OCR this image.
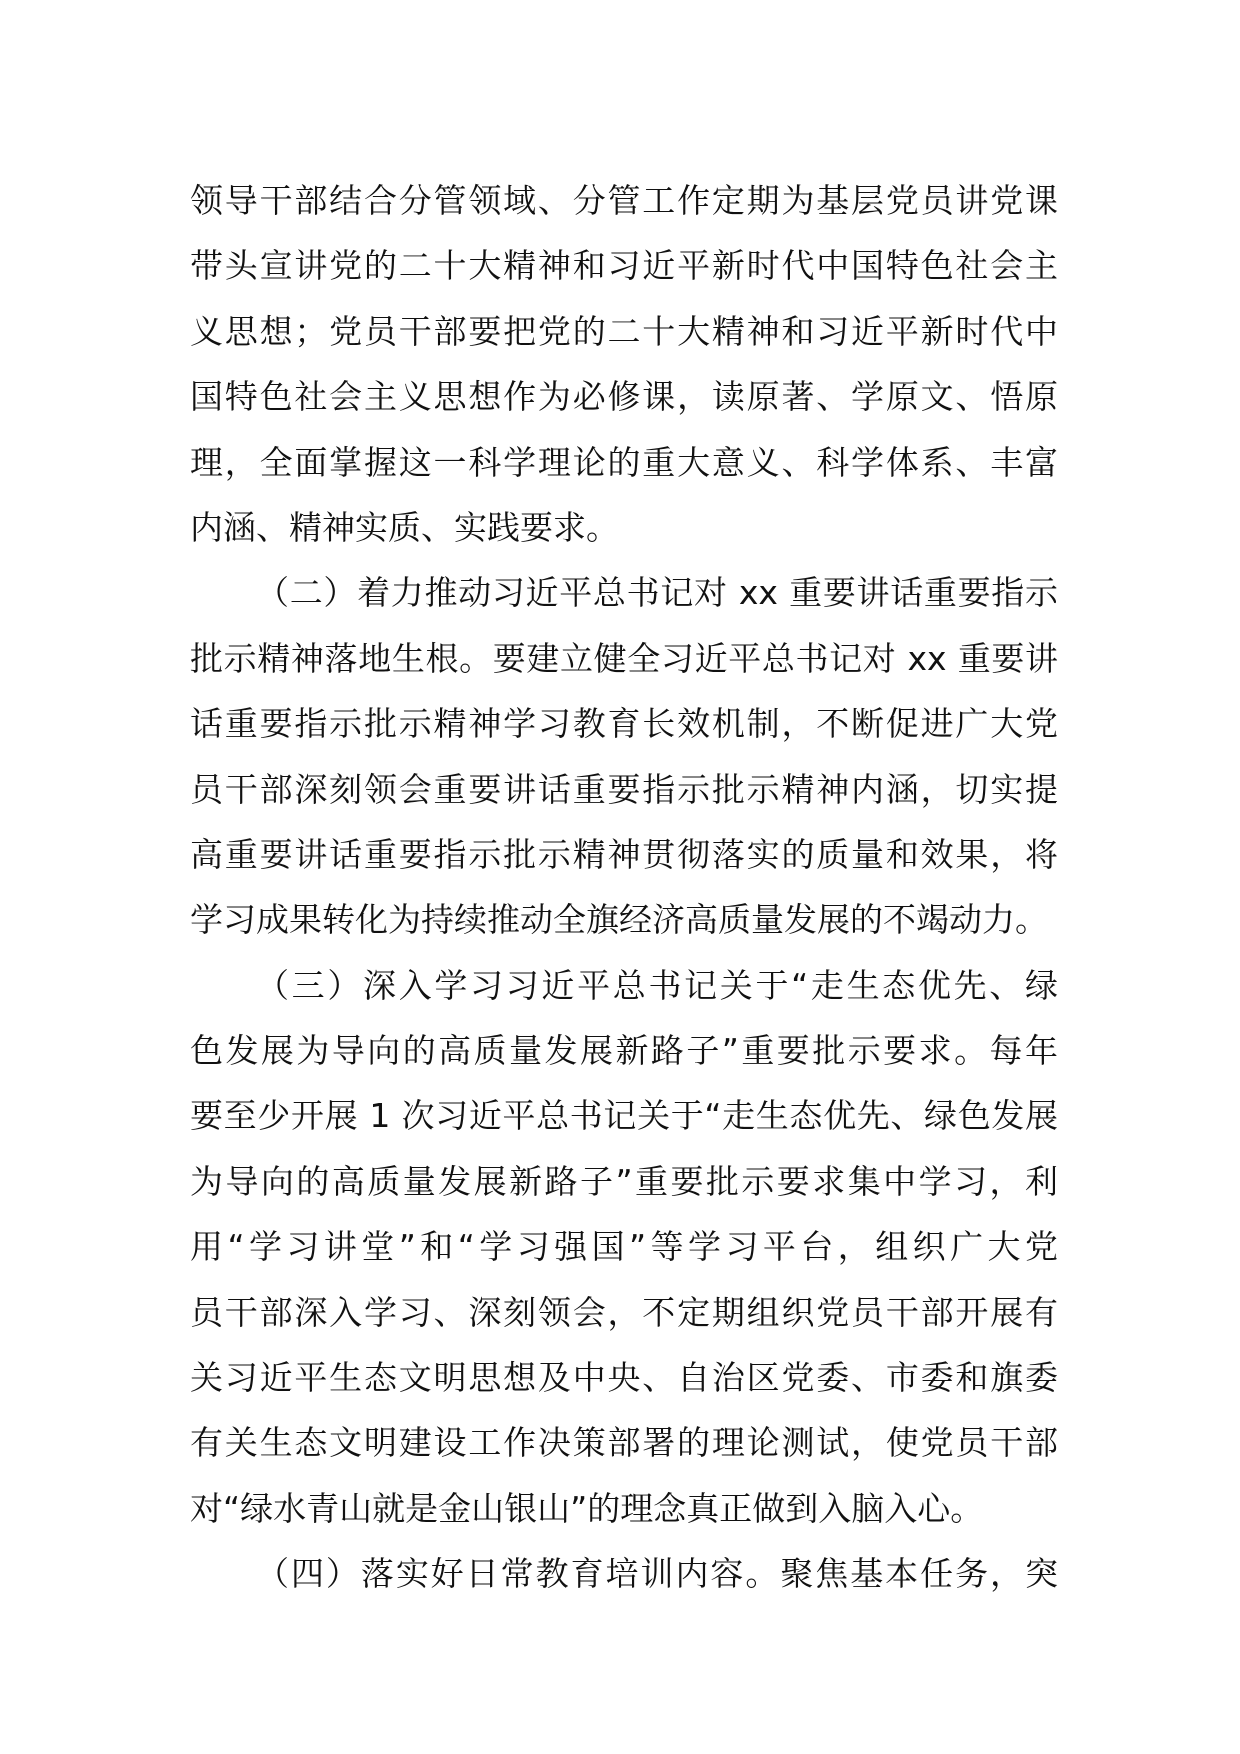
领导干部结合分管领域、分管工作定期为基层党员讲党课
带头宣讲党的二十大精神和习近平新时代中国特色社会主
义思想；党员干部要把党的二十大精神和习近平新时代中
国特色社会主义思想作为必修课，读原著、学原文、悟原
理，全面掌握这一科学理论的重大意义、科学体系、丰富
内涵、精神实质、实践要求。
（二）着力推动习近平总书记对 xx 重要讲话重要指示
批示精神落地生根。要建立健全习近平总书记对 xx 重要讲
话重要指示批示精神学习教育长效机制，不断促进广大党
员干部深刻领会重要讲话重要指示批示精神内涵，切实提
高重要讲话重要指示批示精神贯彻落实的质量和效果，将
学习成果转化为持续推动全旗经济高质量发展的不竭动力。
（三）深入学习习近平总书记关于“走生态优先、绿
色发展为导向的高质量发展新路子”重要批示要求。每年
要至少开展 1 次习近平总书记关于“走生态优先、绿色发展
为导向的高质量发展新路子”重要批示要求集中学习，利
用“学习讲堂”和“学习强国”等学习平台，组织广大党
员干部深入学习、深刻领会，不定期组织党员干部开展有
关习近平生态文明思想及中央、自治区党委、市委和旗委
有关生态文明建设工作决策部署的理论测试，使党员干部
对“绿水青山就是金山银山”的理念真正做到入脑入心。
（四）落实好日常教育培训内容。聚焦基本任务，突
